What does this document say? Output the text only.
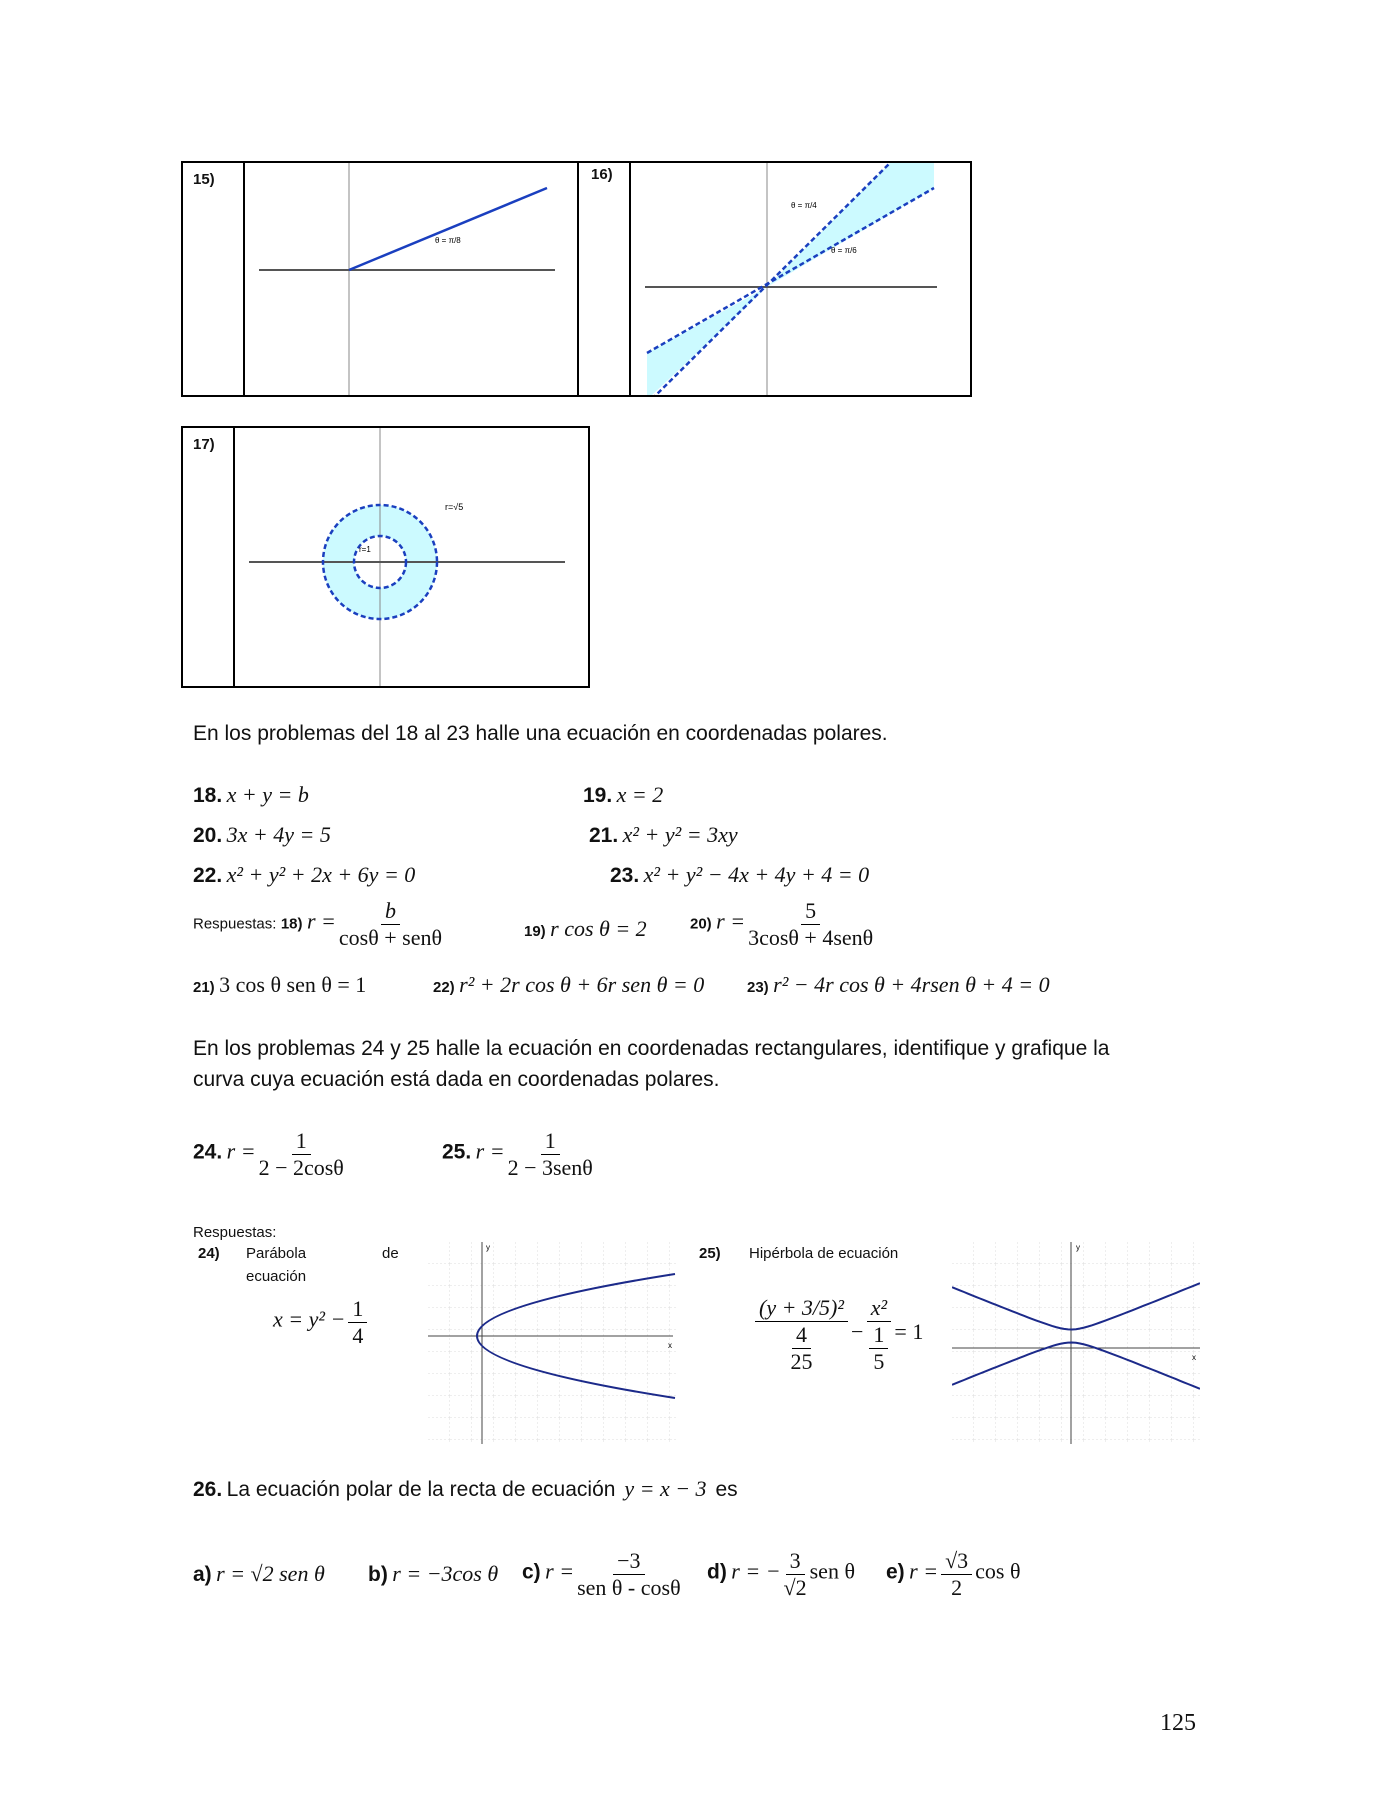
15)	16)
θ = π/8
θ = π/4
θ = π/6
17)
r=√5
r=1
En los problemas del 18 al 23 halle una ecuación en coordenadas polares.
18. x + y = b	19. x = 2
20. 3x + 4y = 5	21. x² + y² = 3xy
22. x² + y² + 2x + 6y = 0	23. x² + y² − 4x + 4y + 4 = 0
Respuestas: 18) r = b
cosθ + senθ	19) r cos θ = 2	20) r =	5
3cosθ + 4senθ
21) 3 cos θ sen θ = 1	22) r² + 2r cos θ + 6r sen θ = 0	23) r² − 4r cos θ + 4rsen θ + 4 = 0
En los problemas 24 y 25 halle la ecuación en coordenadas rectangulares, identifique y grafique la
curva cuya ecuación está dada en coordenadas polares.
24. $r = \frac{1}{2 - 2\cos\theta}$	25. r = 1
2 − 3senθ
Respuestas:
24) Parábola	de
ecuación
$x = y^2 - \frac{1}{4}$	x
y	25) Hipérbola de ecuación
(y + 3/5)²
4
25 − x²
1
5 = 1
x
y
26. La ecuación polar de la recta de ecuación y = x − 3 es
a) r = √2 sen θ b) r = −3cos θ c) r = −3
sen θ - cosθ
d) r = − $\frac{3}{√2}$ sen θ e) $r = \frac{√3}{2}$ cos θ
125
